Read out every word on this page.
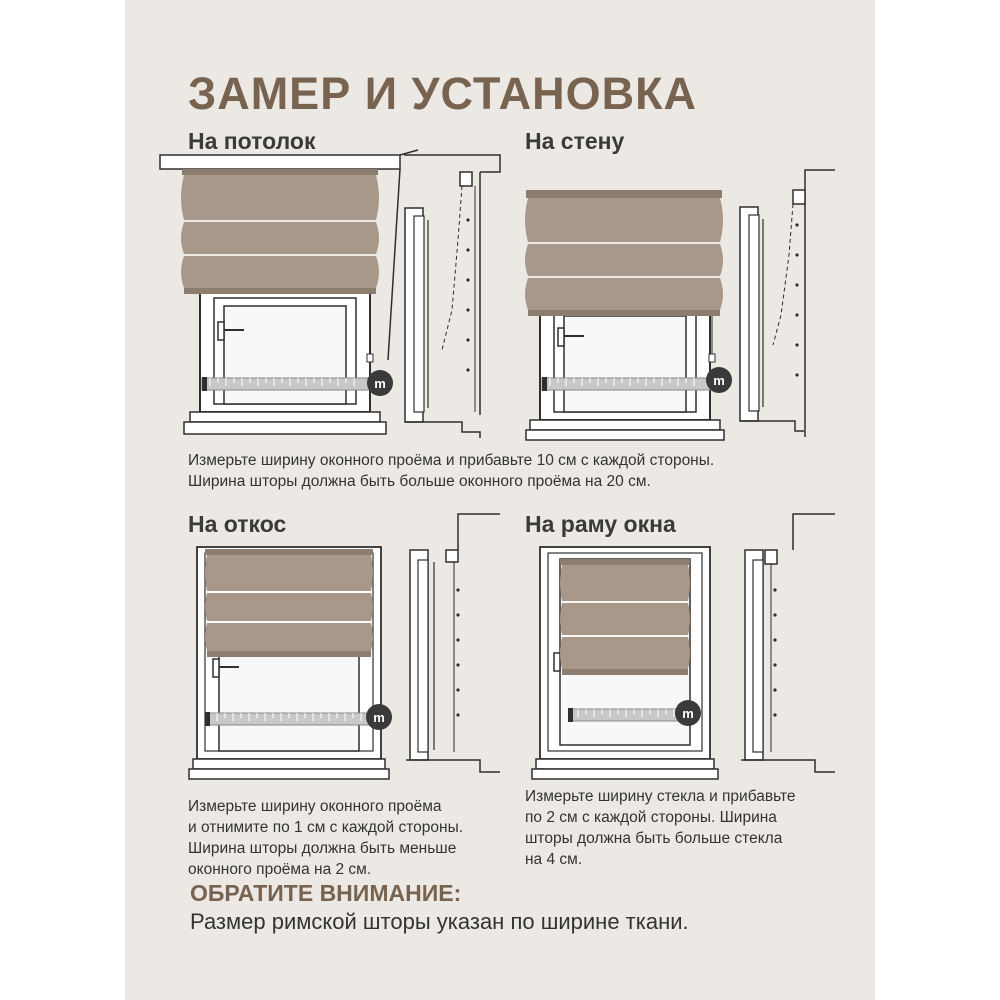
ЗАМЕР И УСТАНОВКА
На потолок
m
На стену
m

Измерьте ширину оконного проёма и прибавьте 10 см с каждой стороны.
Ширина шторы должна быть больше оконного проёма на 20 см.

На откос
m

Измерьте ширину оконного проёма
и отнимите по 1 см с каждой стороны.
Ширина шторы должна быть меньше
оконного проёма на 2 см.

На раму окна
m

Измерьте ширину стекла и прибавьте
по 2 см с каждой стороны. Ширина
шторы должна быть больше стекла
на 4 см.

ОБРАТИТЕ ВНИМАНИЕ:
Размер римской шторы указан по ширине ткани.
